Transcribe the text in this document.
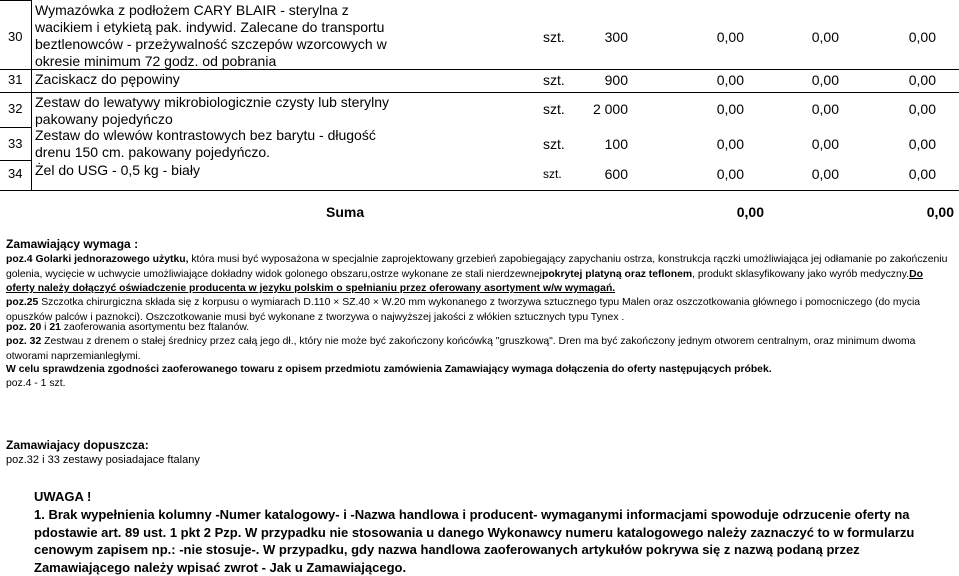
30
Wymazówka z podłożem CARY BLAIR - sterylna z
wacikiem i etykietą pak. indywid. Zalecane do transportu
beztlenowców - przeżywalność szczepów wzorcowych w
okresie minimum 72 godz. od pobrania
szt.	300	0,00	0,00	0,00
31 Zaciskacz do pępowiny	szt.	900	0,00	0,00	0,00
32 Zestaw do lewatywy mikrobiologicznie czysty lub sterylny
pakowany pojedyńczo
szt.	2 000	0,00	0,00	0,00
33
Zestaw do wlewów kontrastowych bez barytu - długość
drenu 150 cm. pakowany pojedyńczo.	szt.	100	0,00	0,00	0,00
34 Żel do USG - 0,5 kg - biały	szt.	600	0,00	0,00	0,00
Suma	0,00	0,00
Zamawiający wymaga :
poz.4 Golarki jednorazowego użytku, która musi być wyposażona w specjalnie zaprojektowany grzebień zapobiegający zapychaniu ostrza, konstrukcja rączki umożliwiająca jej odłamanie po zakończeniu golenia, wycięcie w uchwycie umożliwiające dokładny widok golonego obszaru,ostrze wykonane ze stali nierdzewnejpokrytej platyną oraz teflonem, produkt sklasyfikowany jako wyrób medyczny.Do oferty należy dołączyć oświadczenie producenta w jezyku polskim o spełnianiu przez oferowany asortyment w/w wymagań.
poz.25 Szczotka chirurgiczna składa się z korpusu o wymiarach D.110 × SZ.40 × W.20 mm wykonanego z tworzywa sztucznego typu Malen oraz oszczotkowania głównego i pomocniczego (do mycia opuszków palców i paznokci). Oszczotkowanie musi być wykonane z tworzywa o najwyższej jakości z włókien sztucznych typu Tynex .
poz. 20 i 21 zaoferowania asortymentu bez ftalanów.
poz. 32 Zestwau z drenem o stałej średnicy przez całą jego dł., który nie może być zakończony końcówką "gruszkową". Dren ma być zakończony jednym otworem centralnym, oraz minimum dwoma otworami naprzemianległymi.
W celu sprawdzenia zgodności zaoferowanego towaru z opisem przedmiotu zamówienia Zamawiający wymaga dołączenia do oferty następujących próbek.
poz.4 - 1 szt.
Zamawiajacy dopuszcza:
poz.32 i 33 zestawy posiadajace ftalany
UWAGA !
1. Brak wypełnienia kolumny -Numer katalogowy- i -Nazwa handlowa i producent- wymaganymi informacjami spowoduje odrzucenie oferty na
pdostawie art. 89 ust. 1 pkt 2 Pzp. W przypadku nie stosowania u danego Wykonawcy numeru katalogowego należy zaznaczyć to w formularzu
cenowym zapisem np.: -nie stosuje-. W przypadku, gdy nazwa handlowa zaoferowanych artykułów pokrywa się z nazwą podaną przez
Zamawiającego należy wpisać zwrot - Jak u Zamawiającego.
